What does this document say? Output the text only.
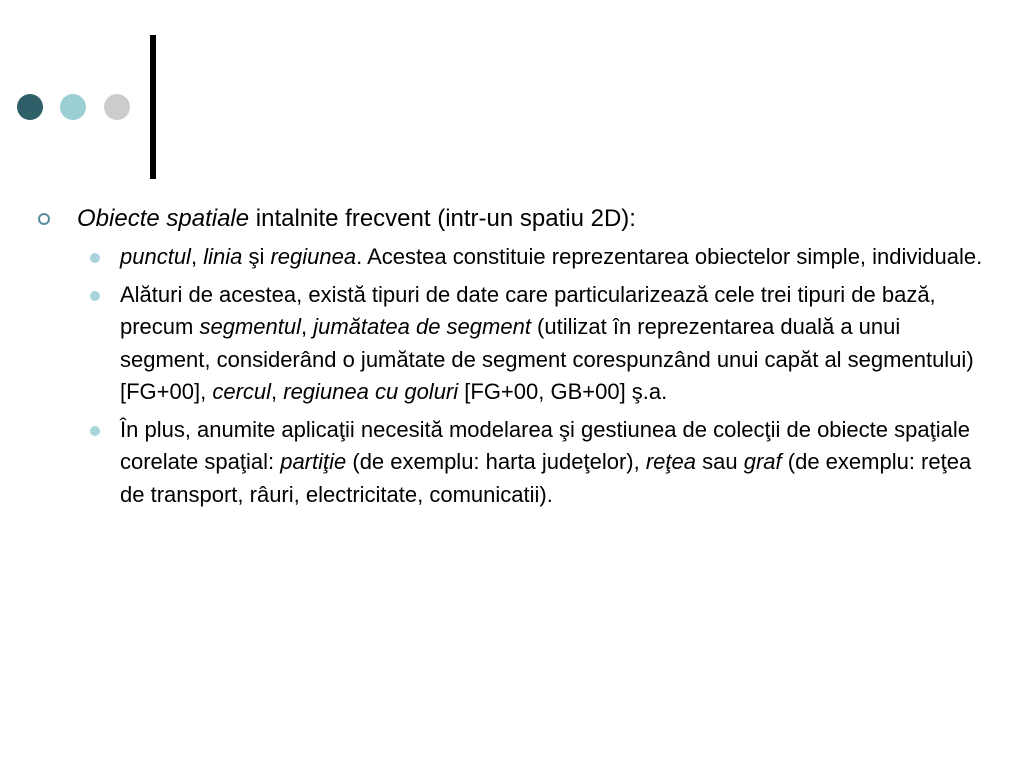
Obiecte spatiale intalnite frecvent (intr-un spatiu 2D):
punctul, linia şi regiunea. Acestea constituie reprezentarea obiectelor simple, individuale.
Alături de acestea, există tipuri de date care particularizează cele trei tipuri de bază, precum segmentul, jumătatea de segment (utilizat în reprezentarea duală a unui segment, considerând o jumătate de segment corespunzând unui capăt al segmentului) [FG+00], cercul, regiunea cu goluri [FG+00, GB+00] ş.a.
În plus, anumite aplicaţii necesită modelarea şi gestiunea de colecţii de obiecte spaţiale corelate spaţial: partiţie (de exemplu: harta judeţelor), reţea sau graf (de exemplu: reţea de transport, râuri, electricitate, comunicatii).
